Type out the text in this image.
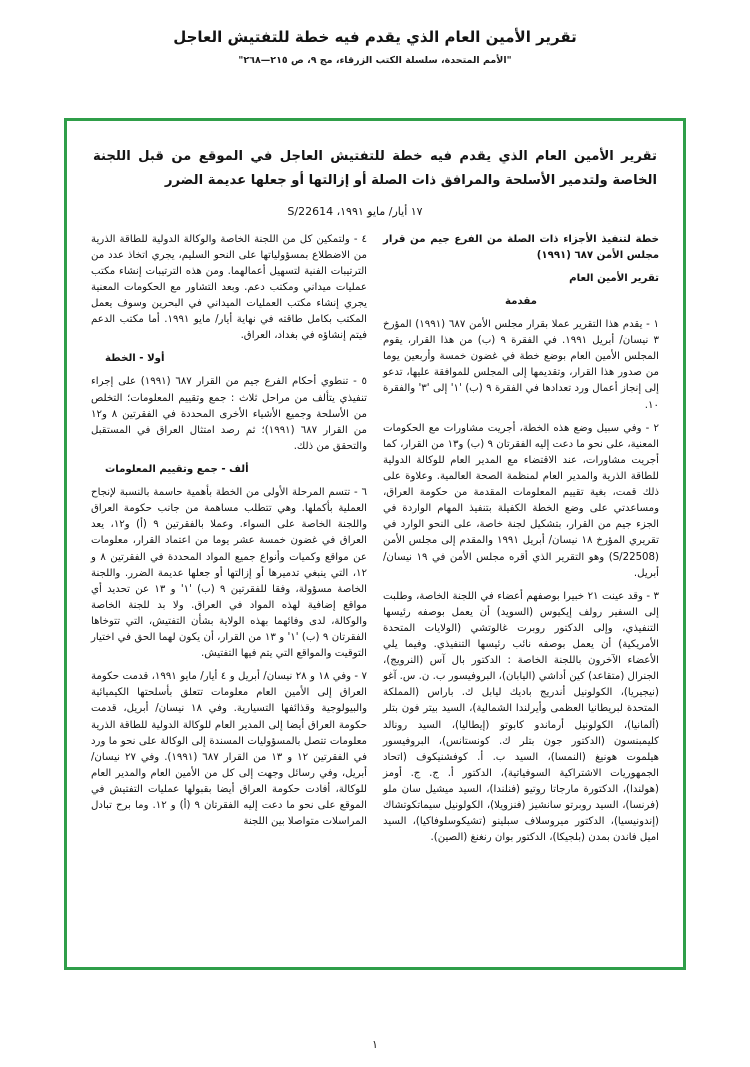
تقرير الأمين العام الذي يقدم فيه خطة للتفتيش العاجل
"الأمم المتحدة، سلسلة الكتب الزرقاء، مج ٩، ص ٢١٥—٢٦٨"
تقرير الأمين العام الذي يقدم فيه خطة للتفتيش العاجل في الموقع من قبل اللجنة الخاصة ولتدمير الأسلحة والمرافق ذات الصلة أو إزالتها أو جعلها عديمة الضرر
١٧ أيار/ مايو ١٩٩١، S/22614

خطة لتنفيذ الأجزاء ذات الصلة من الفرع جيم من قرار مجلس الأمن ٦٨٧ (١٩٩١)

تقرير الأمين العام

مقدمة

١ - يقدم هذا التقرير عملا بقرار مجلس الأمن ٦٨٧ (١٩٩١) المؤرخ ٣ نيسان/ أبريل ١٩٩١. في الفقرة ٩ (ب) من هذا القرار، يقوم المجلس الأمين العام بوضع خطة في غضون خمسة وأربعين يوما من صدور هذا القرار، وتقديمها إلى المجلس للموافقة عليها، تدعو إلى إنجاز أعمال ورد تعدادها في الفقرة ٩ (ب) '١' إلى '٣' والفقرة ١٠.

٢ - وفي سبيل وضع هذه الخطة، أجريت مشاورات مع الحكومات المعنية، على نحو ما دعت إليه الفقرتان ٩ (ب) و١٣ من القرار، كما أجريت مشاورات، عند الاقتضاء مع المدير العام للوكالة الدولية للطاقة الذرية والمدير العام لمنظمة الصحة العالمية. وعلاوة على ذلك قمت، بغية تقييم المعلومات المقدمة من حكومة العراق، ومساعدتي على وضع الخطة الكفيلة بتنفيذ المهام الواردة في الجزء جيم من القرار، بتشكيل لجنة خاصة، على النحو الوارد في تقريري المؤرخ ١٨ نيسان/ أبريل ١٩٩١ والمقدم إلى مجلس الأمن (S/22508) وهو التقرير الذي أقره مجلس الأمن في ١٩ نيسان/ أبريل.

٣ - وقد عينت ٢١ خبيرا بوصفهم أعضاء في اللجنة الخاصة، وطلبت إلى السفير رولف إيكيوس (السويد) أن يعمل بوصفه رئيسها التنفيذي، وإلى الدكتور روبرت غالوتشي (الولايات المتحدة الأمريكية) أن يعمل بوصفه نائب رئيسها التنفيذي. وفيما يلي الأعضاء الآخرون باللجنة الخاصة : الدكتور بال آس (النرويج)، الجنرال (متقاعد) كين أداشي (اليابان)، البروفيسور ب. ن. س. آغو (نيجيريا)، الكولونيل أندريج باديك ليابل ك. باراس (المملكة المتحدة لبريطانيا العظمى وأيرلندا الشمالية)، السيد بيتر فون بتلر (ألمانيا)، الكولونيل أرماندو كابوتو (إيطاليا)، السيد رونالد كليمبنسون (الدكتور جون بتلر ك. كونستانس)، البروفيسور هيلموت هونيغ (النمسا)، السيد ب. أ. كوفشنيكوف (اتحاد الجمهوريات الاشتراكية السوفياتية)، الدكتور أ. ج. ج. أومز (هولندا)، الدكتورة مارجاتا روتيو (فنلندا)، السيد ميشيل سان ملو (فرنسا)، السيد روبرتو سانشيز (فنزويلا)، الكولونيل سيماتكوتشاك (إندونيسيا)، الدكتور ميروسلاف سبلينو (تشيكوسلوفاكيا)، السيد اميل فاندن بمدن (بلجيكا)، الدكتور بوان رنغنغ (الصين).

٤ - ولتمكين كل من اللجنة الخاصة والوكالة الدولية للطاقة الذرية من الاضطلاع بمسؤولياتها على النحو السليم، يجري اتخاذ عدد من الترتيبات الفنية لتسهيل أعمالهما. ومن هذه الترتيبات إنشاء مكتب عمليات ميداني ومكتب دعم. وبعد التشاور مع الحكومات المعنية يجري إنشاء مكتب العمليات الميداني في البحرين وسوف يعمل المكتب بكامل طاقته في نهاية أيار/ مايو ١٩٩١. أما مكتب الدعم فيتم إنشاؤه في بغداد، العراق.

أولا - الخطة

٥ - تنطوي أحكام الفرع جيم من القرار ٦٨٧ (١٩٩١) على إجراء تنفيذي يتألف من مراحل ثلاث : جمع وتقييم المعلومات؛ التخلص من الأسلحة وجميع الأشياء الأخرى المحددة في الفقرتين ٨ و١٢ من القرار ٦٨٧ (١٩٩١)؛ ثم رصد امتثال العراق في المستقبل والتحقق من ذلك.

ألف - جمع وتقييم المعلومات

٦ - تتسم المرحلة الأولى من الخطة بأهمية حاسمة بالنسبة لإنجاح العملية بأكملها. وهي تتطلب مساهمة من جانب حكومة العراق واللجنة الخاصة على السواء. وعملا بالفقرتين ٩ (أ) و١٢، يعد العراق في غضون خمسة عشر يوما من اعتماد القرار، معلومات عن مواقع وكميات وأنواع جميع المواد المحددة في الفقرتين ٨ و ١٢، التي ينبغي تدميرها أو إزالتها أو جعلها عديمة الضرر. واللجنة الخاصة مسؤولة، وفقا للفقرتين ٩ (ب) '١' و ١٣ عن تحديد أي مواقع إضافية لهذه المواد في العراق. ولا بد للجنة الخاصة والوكالة، لدى وفائهما بهذه الولاية بشأن التفتيش، التي تتوخاها الفقرتان ٩ (ب) '١' و ١٣ من القرار، أن يكون لهما الحق في اختيار التوقيت والمواقع التي يتم فيها التفتيش.

٧ - وفي ١٨ و ٢٨ نيسان/ أبريل و ٤ أيار/ مايو ١٩٩١، قدمت حكومة العراق إلى الأمين العام معلومات تتعلق بأسلحتها الكيميائية والبيولوجية وقذائفها التسيارية. وفي ١٨ نيسان/ أبريل، قدمت حكومة العراق أيضا إلى المدير العام للوكالة الدولية للطاقة الذرية معلومات تتصل بالمسؤوليات المسندة إلى الوكالة على نحو ما ورد في الفقرتين ١٢ و ١٣ من القرار ٦٨٧ (١٩٩١). وفي ٢٧ نيسان/ أبريل، وفي رسائل وجهت إلى كل من الأمين العام والمدير العام للوكالة، أفادت حكومة العراق أيضا بقبولها عمليات التفتيش في الموقع على نحو ما دعت إليه الفقرتان ٩ (أ) و ١٢. وما برح تبادل المراسلات متواصلا بين اللجنة

١
